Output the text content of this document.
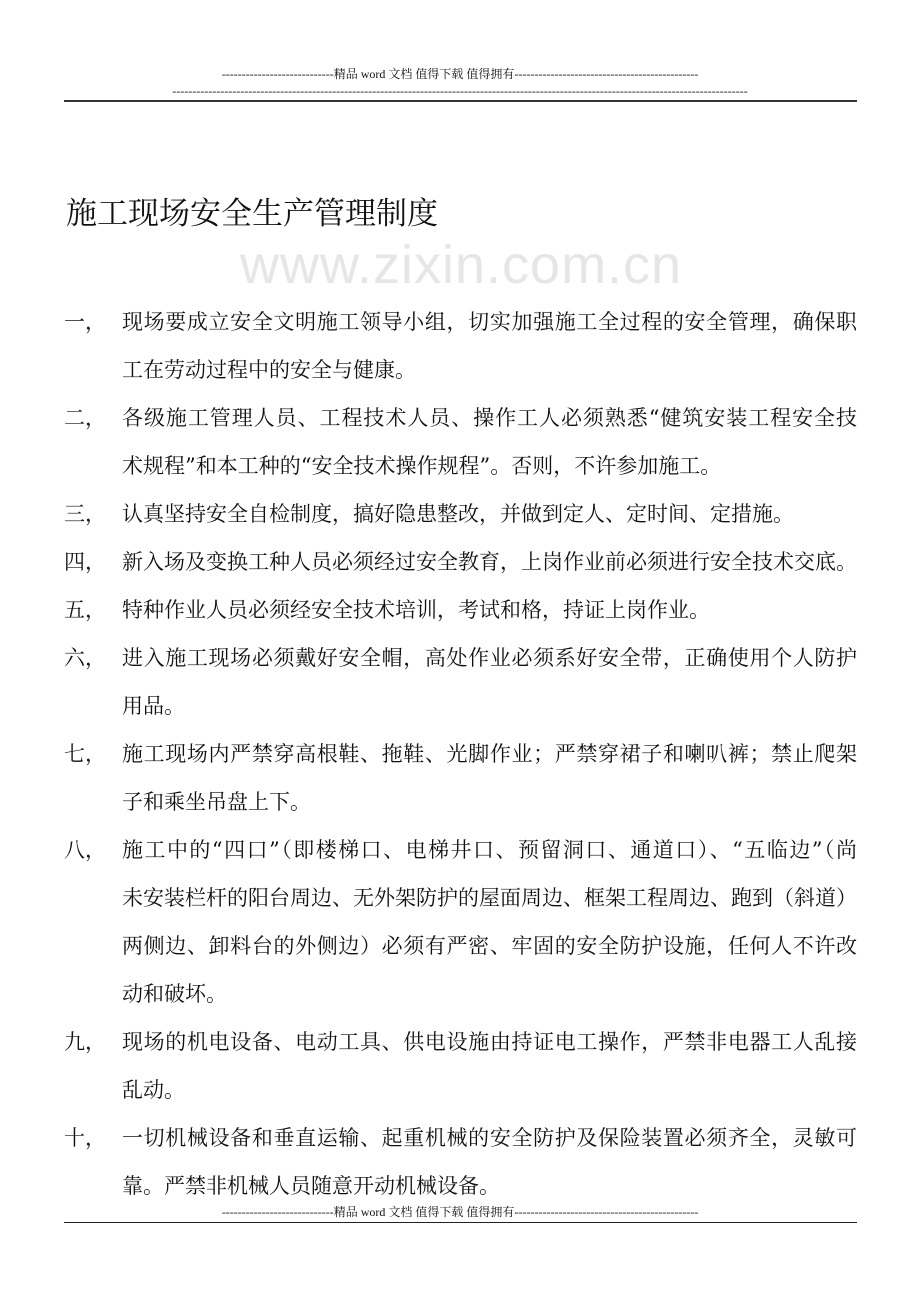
----------------------------精品 word 文档 值得下载 值得拥有----------------------------------------------
------------------------------------------------------------------------------------------------------------------------------------------------
www.zixin.com.cn
施工现场安全生产管理制度
一， 现场要成立安全文明施工领导小组，切实加强施工全过程的安全管理，确保职
工在劳动过程中的安全与健康。
二， 各级施工管理人员、工程技术人员、操作工人必须熟悉“健筑安装工程安全技
术规程”和本工种的“安全技术操作规程”。否则，不许参加施工。
三， 认真坚持安全自检制度，搞好隐患整改，并做到定人、定时间、定措施。
四， 新入场及变换工种人员必须经过安全教育，上岗作业前必须进行安全技术交底。
五， 特种作业人员必须经安全技术培训，考试和格，持证上岗作业。
六， 进入施工现场必须戴好安全帽，高处作业必须系好安全带，正确使用个人防护
用品。
七， 施工现场内严禁穿高根鞋、拖鞋、光脚作业；严禁穿裙子和喇叭裤；禁止爬架
子和乘坐吊盘上下。
八， 施工中的“四口”（即楼梯口、电梯井口、预留洞口、通道口）、“五临边”（尚
未安装栏杆的阳台周边、无外架防护的屋面周边、框架工程周边、跑到（斜道）
两侧边、卸料台的外侧边）必须有严密、牢固的安全防护设施，任何人不许改
动和破坏。
九， 现场的机电设备、电动工具、供电设施由持证电工操作，严禁非电器工人乱接
乱动。
十， 一切机械设备和垂直运输、起重机械的安全防护及保险装置必须齐全，灵敏可
靠。严禁非机械人员随意开动机械设备。
----------------------------精品 word 文档 值得下载 值得拥有----------------------------------------------
